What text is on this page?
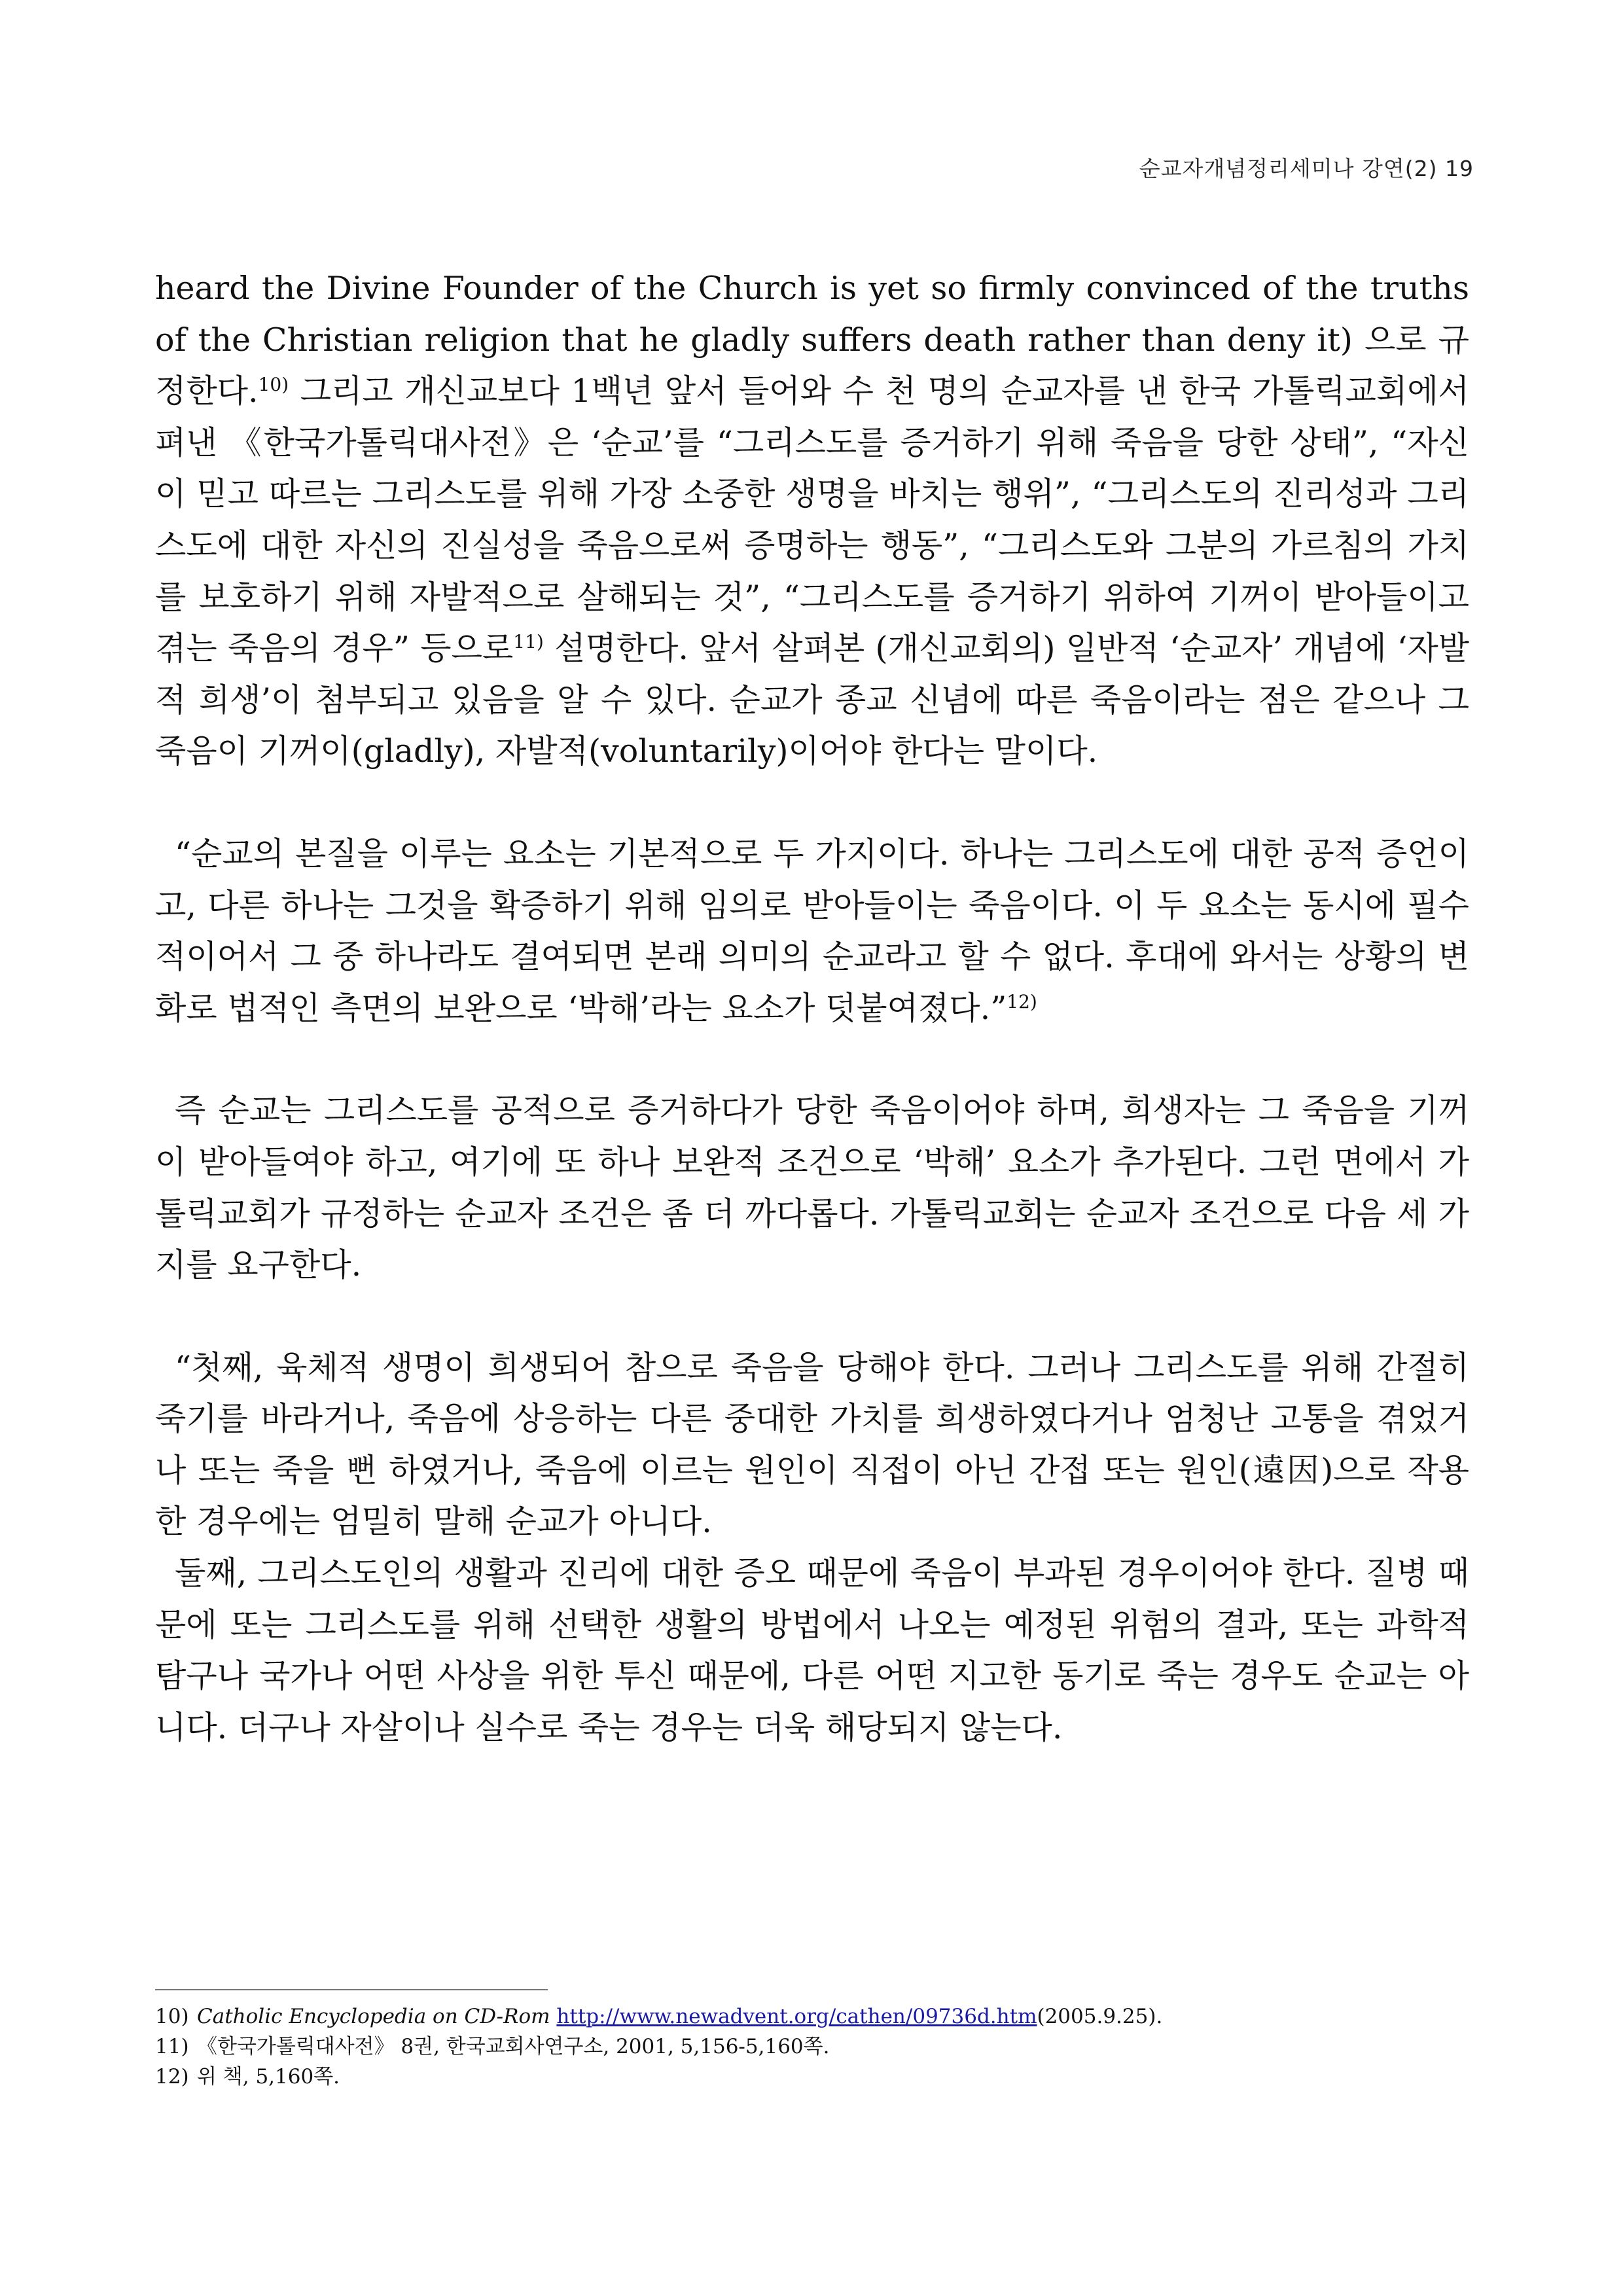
순교자개념정리세미나 강연(2) 19

heard the Divine Founder of the Church is yet so firmly convinced of the truths of the Christian religion that he gladly suffers death rather than deny it) 으로 규정한다.$^{10)}$ 그리고 개신교보다 1백년 앞서 들어와 수 천 명의 순교자를 낸 한국 가톨릭교회에서 펴낸 《한국가톨릭대사전》은 ‘순교’를 “그리스도를 증거하기 위해 죽음을 당한 상태”, “자신이 믿고 따르는 그리스도를 위해 가장 소중한 생명을 바치는 행위”, “그리스도의 진리성과 그리스도에 대한 자신의 진실성을 죽음으로써 증명하는 행동”, “그리스도와 그분의 가르침의 가치를 보호하기 위해 자발적으로 살해되는 것”, “그리스도를 증거하기 위하여 기꺼이 받아들이고 겪는 죽음의 경우” 등으로$^{11)}$ 설명한다. 앞서 살펴본 (개신교회의) 일반적 ‘순교자’ 개념에 ‘자발적 희생’이 첨부되고 있음을 알 수 있다. 순교가 종교 신념에 따른 죽음이라는 점은 같으나 그 죽음이 기꺼이(gladly), 자발적(voluntarily)이어야 한다는 말이다.

“순교의 본질을 이루는 요소는 기본적으로 두 가지이다. 하나는 그리스도에 대한 공적 증언이고, 다른 하나는 그것을 확증하기 위해 임의로 받아들이는 죽음이다. 이 두 요소는 동시에 필수적이어서 그 중 하나라도 결여되면 본래 의미의 순교라고 할 수 없다. 후대에 와서는 상황의 변화로 법적인 측면의 보완으로 ‘박해’라는 요소가 덧붙여졌다.”$^{12)}$

즉 순교는 그리스도를 공적으로 증거하다가 당한 죽음이어야 하며, 희생자는 그 죽음을 기꺼이 받아들여야 하고, 여기에 또 하나 보완적 조건으로 ‘박해’ 요소가 추가된다. 그런 면에서 가톨릭교회가 규정하는 순교자 조건은 좀 더 까다롭다. 가톨릭교회는 순교자 조건으로 다음 세 가지를 요구한다.

“첫째, 육체적 생명이 희생되어 참으로 죽음을 당해야 한다. 그러나 그리스도를 위해 간절히 죽기를 바라거나, 죽음에 상응하는 다른 중대한 가치를 희생하였다거나 엄청난 고통을 겪었거나 또는 죽을 뻔 하였거나, 죽음에 이르는 원인이 직접이 아닌 간접 또는 원인(遠因)으로 작용한 경우에는 엄밀히 말해 순교가 아니다.

둘째, 그리스도인의 생활과 진리에 대한 증오 때문에 죽음이 부과된 경우이어야 한다. 질병 때문에 또는 그리스도를 위해 선택한 생활의 방법에서 나오는 예정된 위험의 결과, 또는 과학적 탐구나 국가나 어떤 사상을 위한 투신 때문에, 다른 어떤 지고한 동기로 죽는 경우도 순교는 아니다. 더구나 자살이나 실수로 죽는 경우는 더욱 해당되지 않는다.

10) Catholic Encyclopedia on CD-Rom http://www.newadvent.org/cathen/09736d.htm(2005.9.25).
11) 《한국가톨릭대사전》 8권, 한국교회사연구소, 2001, 5,156-5,160쪽.
12) 위 책, 5,160쪽.
